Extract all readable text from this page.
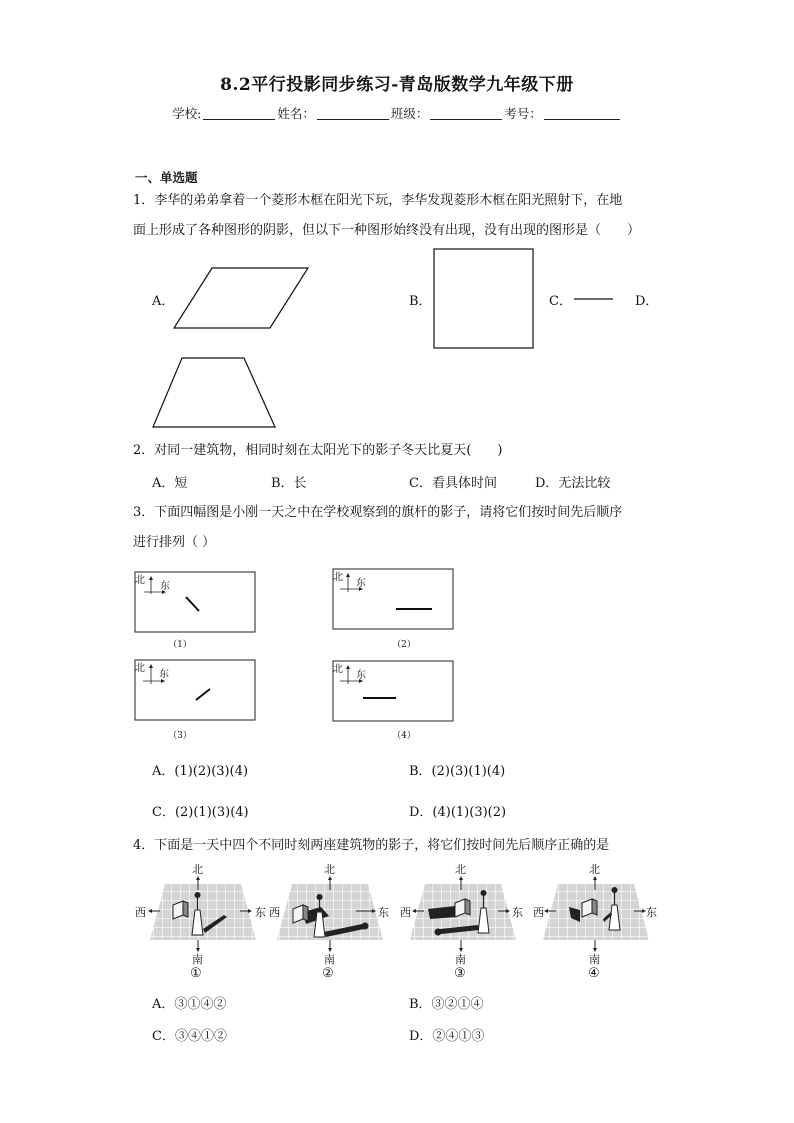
8.2平行投影同步练习-青岛版数学九年级下册
学校:	姓名：	班级：	考号：
一、单选题
1．李华的弟弟拿着一个菱形木框在阳光下玩，李华发现菱形木框在阳光照射下，在地
面上形成了各种图形的阴影，但以下一种图形始终没有出现，没有出现的图形是（　　）
A．	B．	C．	D．
2．对同一建筑物，相同时刻在太阳光下的影子冬天比夏天(　　)
A．短	B．长	C．看具体时间	D．无法比较
3．下面四幅图是小刚一天之中在学校观察到的旗杆的影子，请将它们按时间先后顺序
进行排列（ ）
北
东
北
东
北
东	北
东
（1）	（2）
（3）	（4）
A．(1)(2)(3)(4)	B．(2)(3)(1)(4)
C．(2)(1)(3)(4)	D．(4)(1)(3)(2)
4．下面是一天中四个不同时刻两座建筑物的影子，将它们按时间先后顺序正确的是
北
南
西	东
北
南
西	东
北
南
西	东
北
南
西	东
①	②	③	④
A．③①④②	B．③②①④
C．③④①②	D．②④①③
